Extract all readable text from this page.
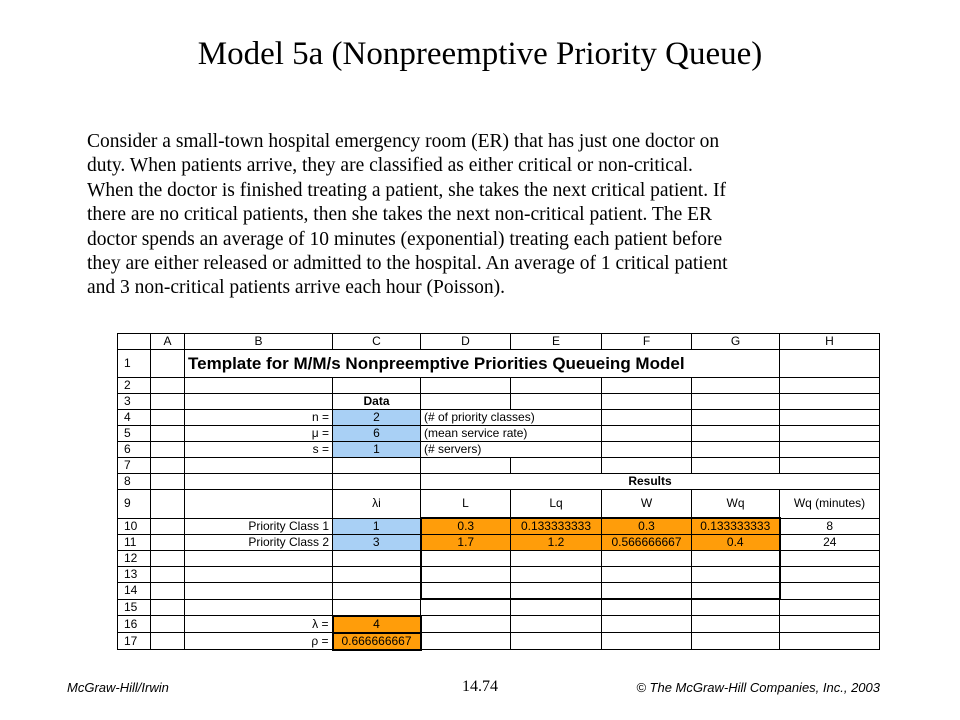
Model 5a (Nonpreemptive Priority Queue)
Consider a small-town hospital emergency room (ER) that has just one doctor on
duty. When patients arrive, they are classified as either critical or non-critical.
When the doctor is finished treating a patient, she takes the next critical patient. If
there are no critical patients, then she takes the next non-critical patient. The ER
doctor spends an average of 10 minutes (exponential) treating each patient before
they are either released or admitted to the hospital. An average of 1 critical patient
and 3 non-critical patients arrive each hour (Poisson).
	A	B	C	D	E	F	G	H
1		Template for M/M/s Nonpreemptive Priorities Queueing Model						
2								
3			Data					
4		n =	2	(# of priority classes)				
5		μ =	6	(mean service rate)				
6		s =	1	(# servers)				
7								
8				Results				
9			λi	L	Lq	W	Wq	Wq (minutes)
10		Priority Class 1	1	0.3	0.133333333	0.3	0.133333333	8
11		Priority Class 2	3	1.7	1.2	0.566666667	0.4	24
12								
13								
14								
15								
16		λ =	4					
17		ρ =	0.666666667					
McGraw-Hill/Irwin	14.74	© The McGraw-Hill Companies, Inc., 2003
